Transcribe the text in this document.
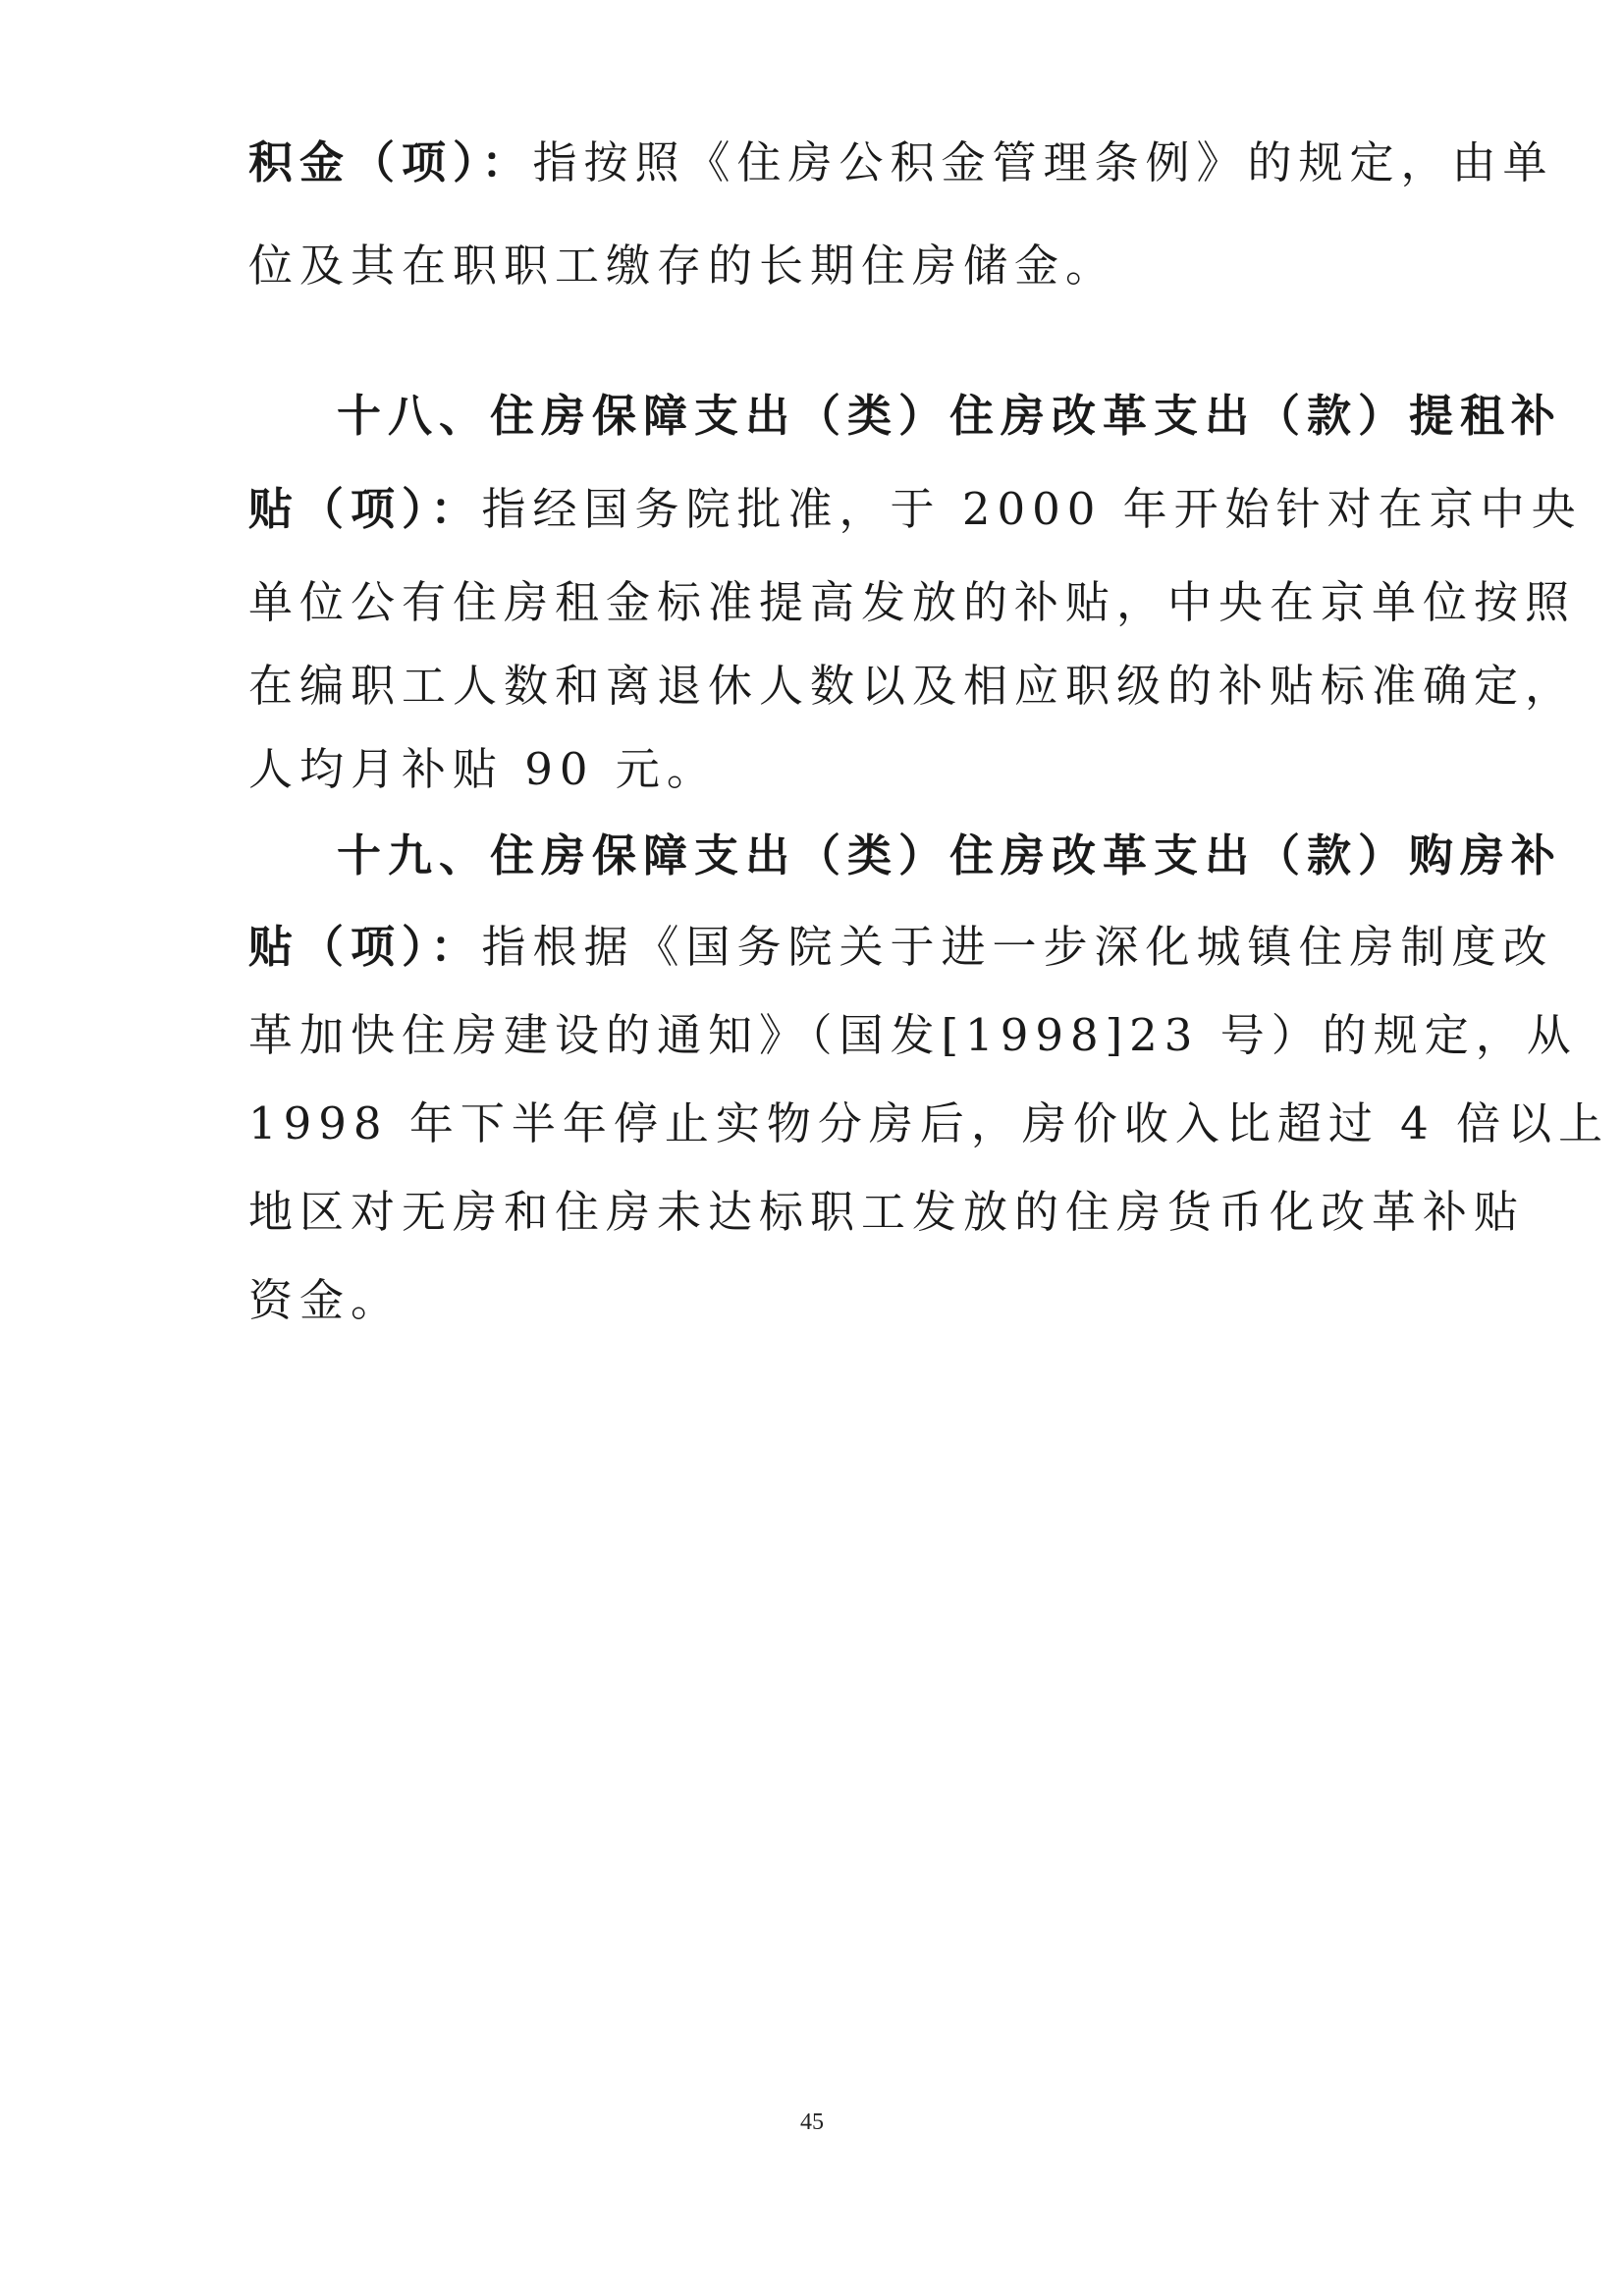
积金（项）：指按照《住房公积金管理条例》的规定，由单
位及其在职职工缴存的长期住房储金。
十八、住房保障支出（类）住房改革支出（款）提租补
贴（项）：指经国务院批准，于 2000 年开始针对在京中央
单位公有住房租金标准提高发放的补贴，中央在京单位按照
在编职工人数和离退休人数以及相应职级的补贴标准确定，
人均月补贴 90 元。
十九、住房保障支出（类）住房改革支出（款）购房补
贴（项）：指根据《国务院关于进一步深化城镇住房制度改
革加快住房建设的通知》（国发[1998]23 号）的规定，从
1998 年下半年停止实物分房后，房价收入比超过 4 倍以上
地区对无房和住房未达标职工发放的住房货币化改革补贴
资金。
45
